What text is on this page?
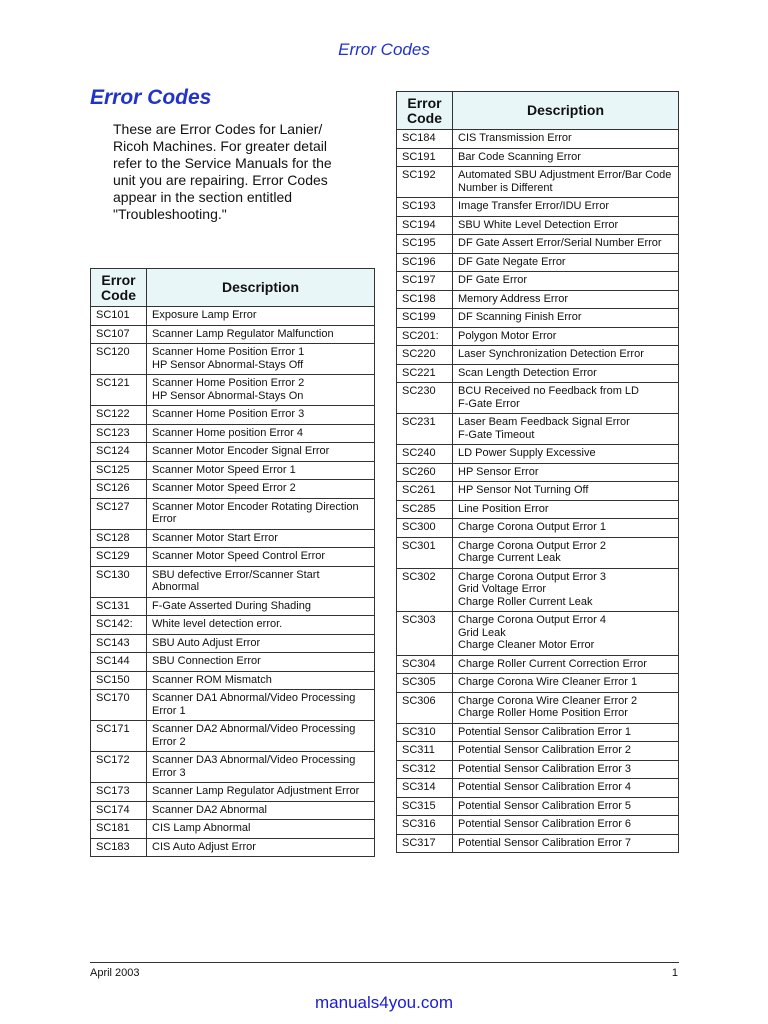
Error Codes
Error Codes
These are Error Codes for Lanier/ Ricoh Machines. For greater detail refer to the Service Manuals for the unit you are repairing. Error Codes appear in the section entitled "Troubleshooting."
Error Code	Description
SC101	Exposure Lamp Error
SC107	Scanner Lamp Regulator Malfunction
SC120	Scanner Home Position Error 1
HP Sensor Abnormal-Stays Off
SC121	Scanner Home Position Error 2
HP Sensor Abnormal-Stays On
SC122	Scanner Home Position Error 3
SC123	Scanner Home position Error 4
SC124	Scanner Motor Encoder Signal Error
SC125	Scanner Motor Speed Error 1
SC126	Scanner Motor Speed Error 2
SC127	Scanner Motor Encoder Rotating Direction Error
SC128	Scanner Motor Start Error
SC129	Scanner Motor Speed Control Error
SC130	SBU defective Error/Scanner Start Abnormal
SC131	F-Gate Asserted During Shading
SC142:	White level detection error.
SC143	SBU Auto Adjust Error
SC144	SBU Connection Error
SC150	Scanner ROM Mismatch
SC170	Scanner DA1 Abnormal/Video Processing Error 1
SC171	Scanner DA2 Abnormal/Video Processing Error 2
SC172	Scanner DA3 Abnormal/Video Processing Error 3
SC173	Scanner Lamp Regulator Adjustment Error
SC174	Scanner DA2 Abnormal
SC181	CIS Lamp Abnormal
SC183	CIS Auto Adjust Error
Error Code	Description
SC184	CIS Transmission Error
SC191	Bar Code Scanning Error
SC192	Automated SBU Adjustment Error/Bar Code Number is Different
SC193	Image Transfer Error/IDU Error
SC194	SBU White Level Detection Error
SC195	DF Gate Assert Error/Serial Number Error
SC196	DF Gate Negate Error
SC197	DF Gate Error
SC198	Memory Address Error
SC199	DF Scanning Finish Error
SC201:	Polygon Motor Error
SC220	Laser Synchronization Detection Error
SC221	Scan Length Detection Error
SC230	BCU Received no Feedback from LD
F-Gate Error
SC231	Laser Beam Feedback Signal Error
F-Gate Timeout
SC240	LD Power Supply Excessive
SC260	HP Sensor Error
SC261	HP Sensor Not Turning Off
SC285	Line Position Error
SC300	Charge Corona Output Error 1
SC301	Charge Corona Output Error 2
Charge Current Leak
SC302	Charge Corona Output Error 3
Grid Voltage Error
Charge Roller Current Leak
SC303	Charge Corona Output Error 4
Grid Leak
Charge Cleaner Motor Error
SC304	Charge Roller Current Correction Error
SC305	Charge Corona Wire Cleaner Error 1
SC306	Charge Corona Wire Cleaner Error 2
Charge Roller Home Position Error
SC310	Potential Sensor Calibration Error 1
SC311	Potential Sensor Calibration Error 2
SC312	Potential Sensor Calibration Error 3
SC314	Potential Sensor Calibration Error 4
SC315	Potential Sensor Calibration Error 5
SC316	Potential Sensor Calibration Error 6
SC317	Potential Sensor Calibration Error 7
April 2003	1
manuals4you.com
